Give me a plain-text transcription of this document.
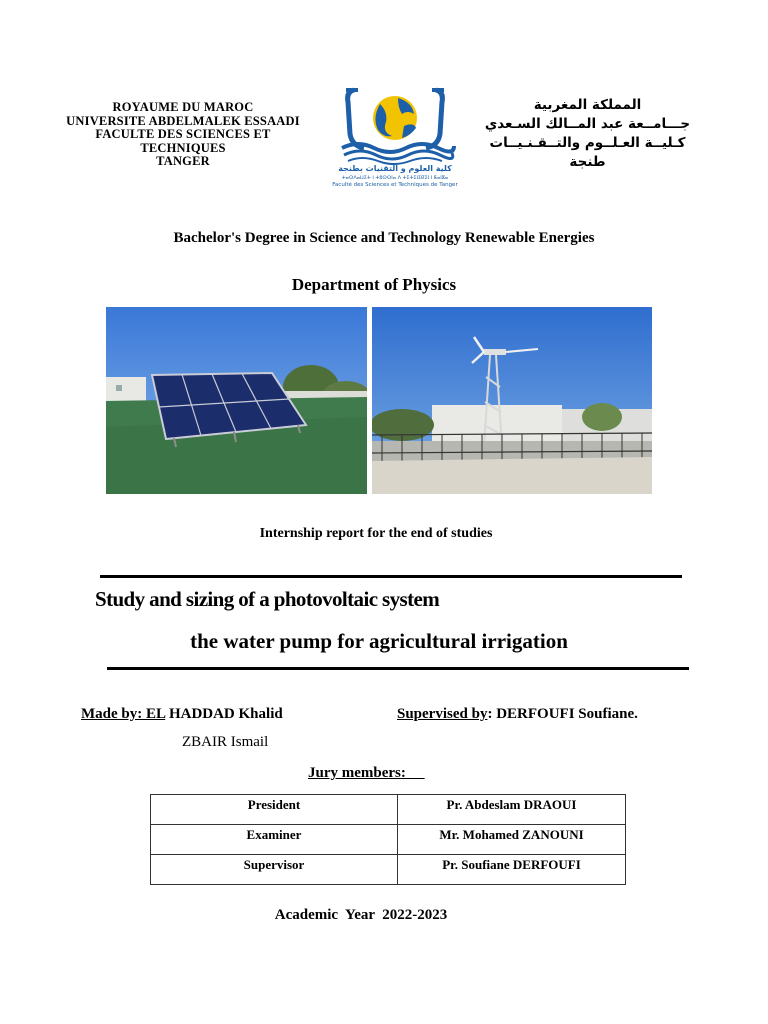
ROYAUME DU MAROC
UNIVERSITE ABDELMALEK ESSAADI
FACULTE DES SCIENCES ET
TECHNIQUES
TANGER
كلية العلوم و التقنيات بطنجة
ⵜⴰⵙⴷⴰⵡⵉⵜ ⵏ ⵜⵓⵙⵙⵏⴰ ⴷ ⵜⵉⵜⵉⵏⵉⴽⵉⵏ ⵏ ⵟⴰⵏⴵⴰ
Faculté des Sciences et Techniques de Tanger
المملكة المغربية
جـــامــعة عبد المــالك السـعدي
كـليــة العـلــوم والتــقـنـيــات
طنجة
Bachelor's Degree in Science and Technology Renewable Energies
Department of Physics
Internship report for the end of studies
Study and sizing of a photovoltaic system
the water pump for agricultural irrigation
Made by: EL HADDAD Khalid
ZBAIR Ismail
Supervised by: DERFOUFI Soufiane.
Jury members:
President	Pr. Abdeslam DRAOUI
Examiner	Mr. Mohamed ZANOUNI
Supervisor	Pr. Soufiane DERFOUFI
Academic  Year  2022-2023
